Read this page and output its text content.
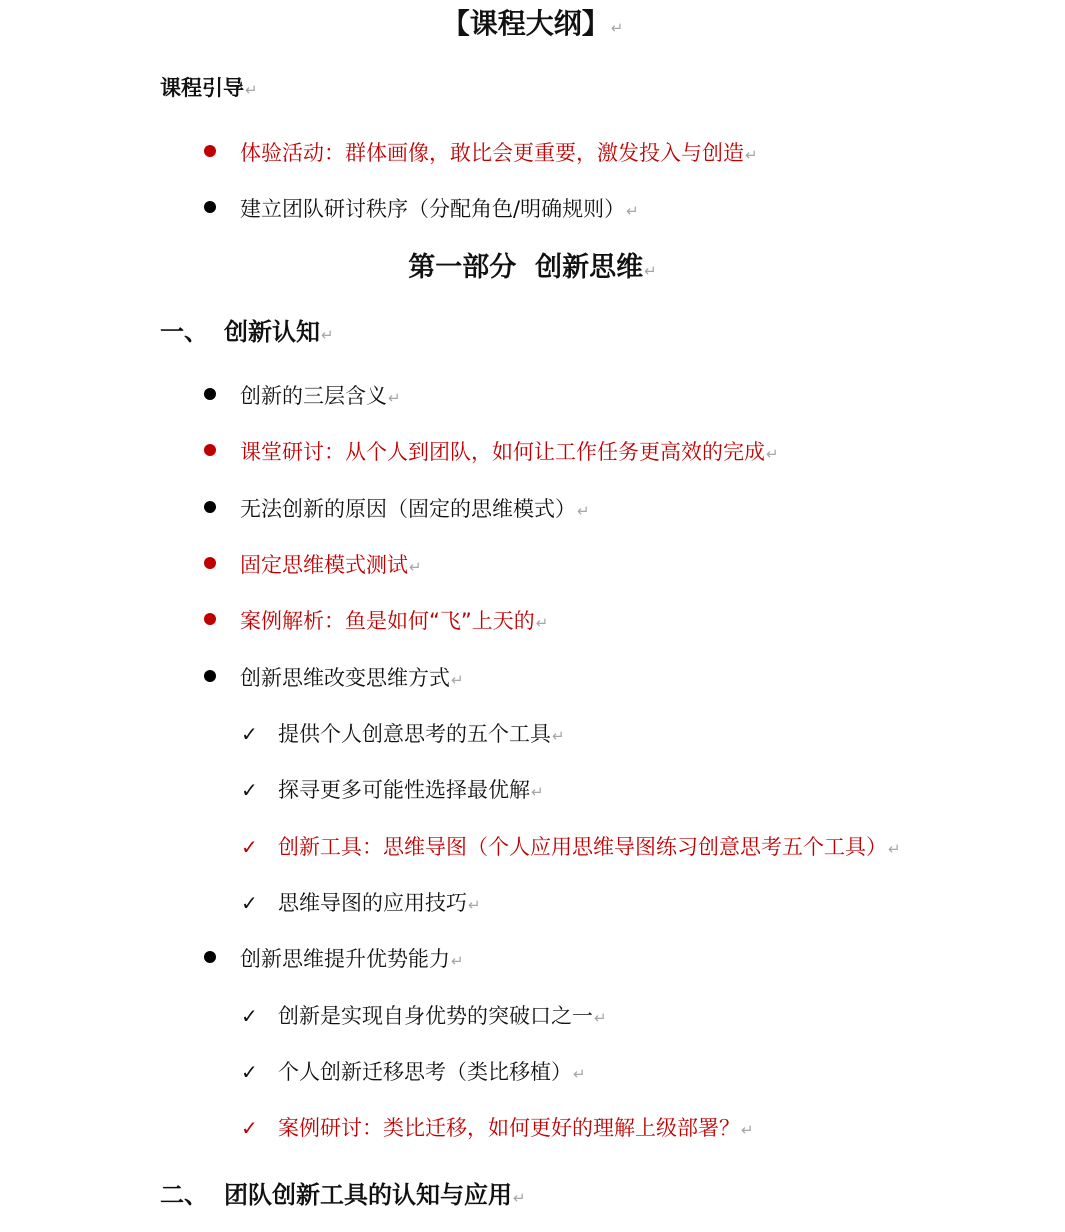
【课程大纲】↵
课程引导↵
体验活动：群体画像，敢比会更重要，激发投入与创造↵
建立团队研讨秩序（分配角色/明确规则）↵
第一部分  创新思维↵
一、 创新认知↵
创新的三层含义↵
课堂研讨：从个人到团队，如何让工作任务更高效的完成↵
无法创新的原因（固定的思维模式）↵
固定思维模式测试↵
案例解析：鱼是如何“飞”上天的↵
创新思维改变思维方式↵
✓ 提供个人创意思考的五个工具↵
✓ 探寻更多可能性选择最优解↵
✓ 创新工具：思维导图（个人应用思维导图练习创意思考五个工具）↵
✓ 思维导图的应用技巧↵
创新思维提升优势能力↵
✓ 创新是实现自身优势的突破口之一↵
✓ 个人创新迁移思考（类比移植）↵
✓ 案例研讨：类比迁移，如何更好的理解上级部署？↵
二、 团队创新工具的认知与应用↵
